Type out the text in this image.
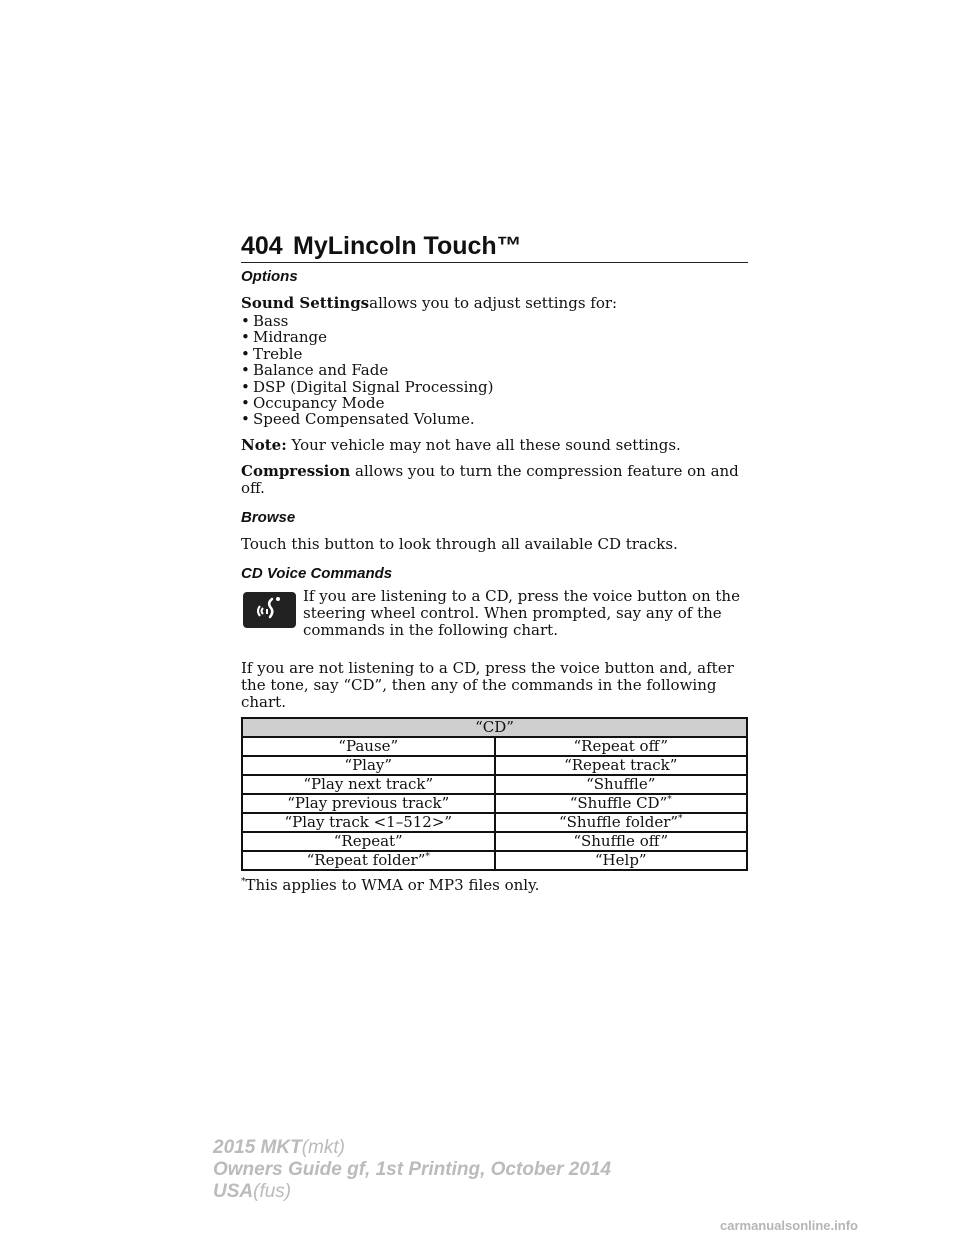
404 MyLincoln Touch™
Options
Sound Settingsallows you to adjust settings for:
• Bass
• Midrange
• Treble
• Balance and Fade
• DSP (Digital Signal Processing)
• Occupancy Mode
• Speed Compensated Volume.

Note: Your vehicle may not have all these sound settings.

Compression allows you to turn the compression feature on and off.

Browse

Touch this button to look through all available CD tracks.

CD Voice Commands
If you are listening to a CD, press the voice button on the steering wheel control. When prompted, say any of the commands in the following chart.

If you are not listening to a CD, press the voice button and, after the tone, say “CD”, then any of the commands in the following chart.

“CD”	
“Pause”	“Repeat off”
“Play”	“Repeat track”
“Play next track”	“Shuffle”
“Play previous track”	“Shuffle CD”*
“Play track <1–512>”	“Shuffle folder”*
“Repeat”	“Shuffle off”
“Repeat folder”*	“Help”
*This applies to WMA or MP3 files only.
2015 MKT(mkt)
Owners Guide gf, 1st Printing, October 2014
USA(fus)
carmanualsonline.info
